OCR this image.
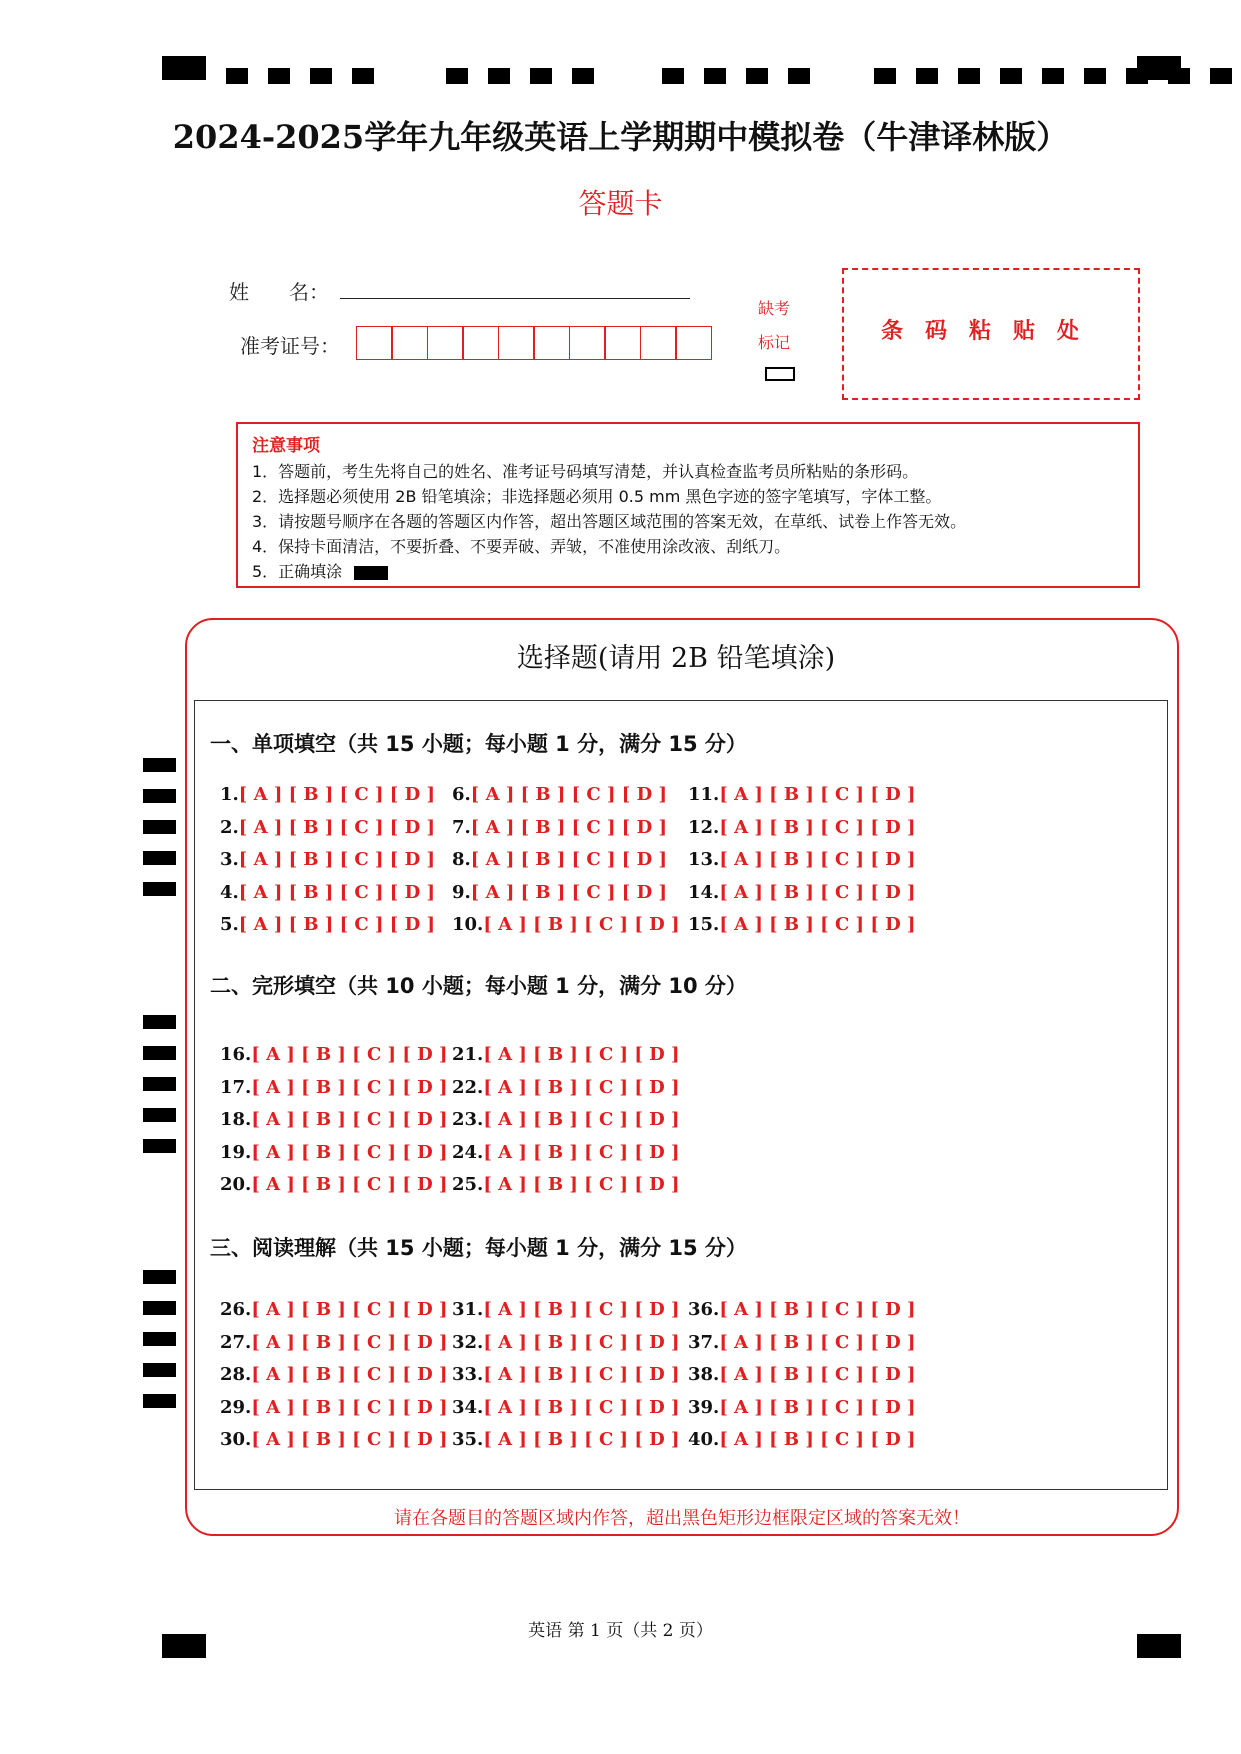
2024-2025学年九年级英语上学期期中模拟卷（牛津译林版）
答题卡
姓　　名：
准考证号：
缺考
标记	条码粘贴处
注意事项
1．答题前，考生先将自己的姓名、准考证号码填写清楚，并认真检查监考员所粘贴的条形码。
2．选择题必须使用 2B 铅笔填涂；非选择题必须用 0.5 mm 黑色字迹的签字笔填写，字体工整。
3．请按题号顺序在各题的答题区内作答，超出答题区域范围的答案无效，在草纸、试卷上作答无效。
4．保持卡面清洁，不要折叠、不要弄破、弄皱，不准使用涂改液、刮纸刀。
5．正确填涂
选择题(请用 2B 铅笔填涂)
一、单项填空（共 15 小题；每小题 1 分，满分 15 分）
二、完形填空（共 10 小题；每小题 1 分，满分 10 分）
三、阅读理解（共 15 小题；每小题 1 分，满分 15 分）
1.[ A ] [ B ] [ C ] [ D ]
2.[ A ] [ B ] [ C ] [ D ]
3.[ A ] [ B ] [ C ] [ D ]
4.[ A ] [ B ] [ C ] [ D ]
5.[ A ] [ B ] [ C ] [ D ]
6.[ A ] [ B ] [ C ] [ D ]
7.[ A ] [ B ] [ C ] [ D ]
8.[ A ] [ B ] [ C ] [ D ]
9.[ A ] [ B ] [ C ] [ D ]
10.[ A ] [ B ] [ C ] [ D ]
11.[ A ] [ B ] [ C ] [ D ]
12.[ A ] [ B ] [ C ] [ D ]
13.[ A ] [ B ] [ C ] [ D ]
14.[ A ] [ B ] [ C ] [ D ]
15.[ A ] [ B ] [ C ] [ D ]
16.[ A ] [ B ] [ C ] [ D ]
17.[ A ] [ B ] [ C ] [ D ]
18.[ A ] [ B ] [ C ] [ D ]
19.[ A ] [ B ] [ C ] [ D ]
20.[ A ] [ B ] [ C ] [ D ]
21.[ A ] [ B ] [ C ] [ D ]
22.[ A ] [ B ] [ C ] [ D ]
23.[ A ] [ B ] [ C ] [ D ]
24.[ A ] [ B ] [ C ] [ D ]
25.[ A ] [ B ] [ C ] [ D ]
26.[ A ] [ B ] [ C ] [ D ]
27.[ A ] [ B ] [ C ] [ D ]
28.[ A ] [ B ] [ C ] [ D ]
29.[ A ] [ B ] [ C ] [ D ]
30.[ A ] [ B ] [ C ] [ D ]
31.[ A ] [ B ] [ C ] [ D ]
32.[ A ] [ B ] [ C ] [ D ]
33.[ A ] [ B ] [ C ] [ D ]
34.[ A ] [ B ] [ C ] [ D ]
35.[ A ] [ B ] [ C ] [ D ]
36.[ A ] [ B ] [ C ] [ D ]
37.[ A ] [ B ] [ C ] [ D ]
38.[ A ] [ B ] [ C ] [ D ]
39.[ A ] [ B ] [ C ] [ D ]
40.[ A ] [ B ] [ C ] [ D ]
请在各题目的答题区域内作答，超出黑色矩形边框限定区域的答案无效！
英语 第 1 页（共 2 页）
